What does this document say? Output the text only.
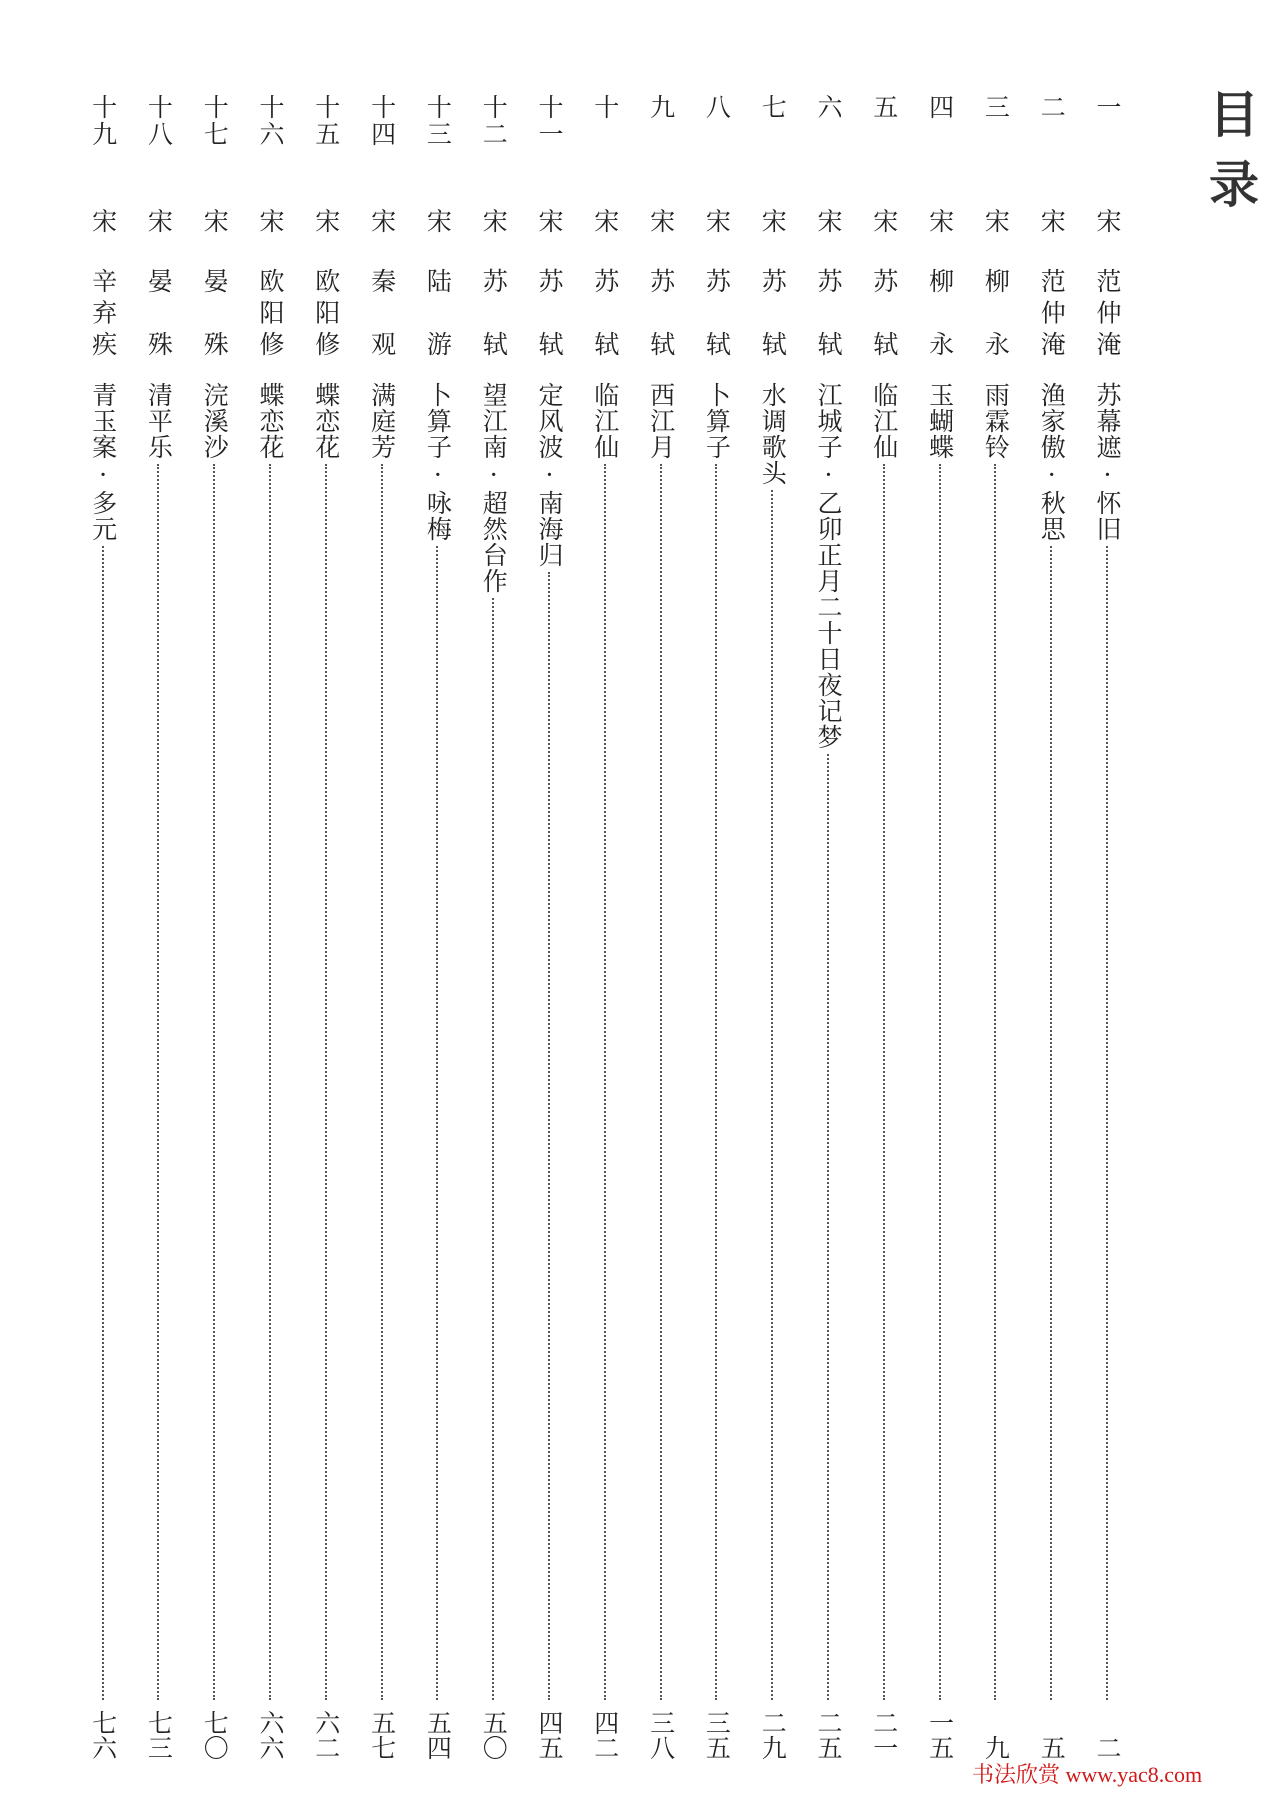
目录
一
宋
范仲淹
苏幕遮·怀旧
二
二
宋
范仲淹
渔家傲·秋思
五
三
宋
柳永
雨霖铃
九
四
宋
柳永
玉蝴蝶
一五
五
宋
苏轼
临江仙
二一
六
宋
苏轼
江城子·乙卯正月二十日夜记梦
二五
七
宋
苏轼
水调歌头
二九
八
宋
苏轼
卜算子
三五
九
宋
苏轼
西江月
三八
十
宋
苏轼
临江仙
四二
十一
宋
苏轼
定风波·南海归
四五
十二
宋
苏轼
望江南·超然台作
五〇
十三
宋
陆游
卜算子·咏梅
五四
十四
宋
秦观
满庭芳
五七
十五
宋
欧阳修
蝶恋花
六二
十六
宋
欧阳修
蝶恋花
六六
十七
宋
晏殊
浣溪沙
七〇
十八
宋
晏殊
清平乐
七三
十九
宋
辛弃疾
青玉案·多元
七六
书法欣赏 www.yac8.com
